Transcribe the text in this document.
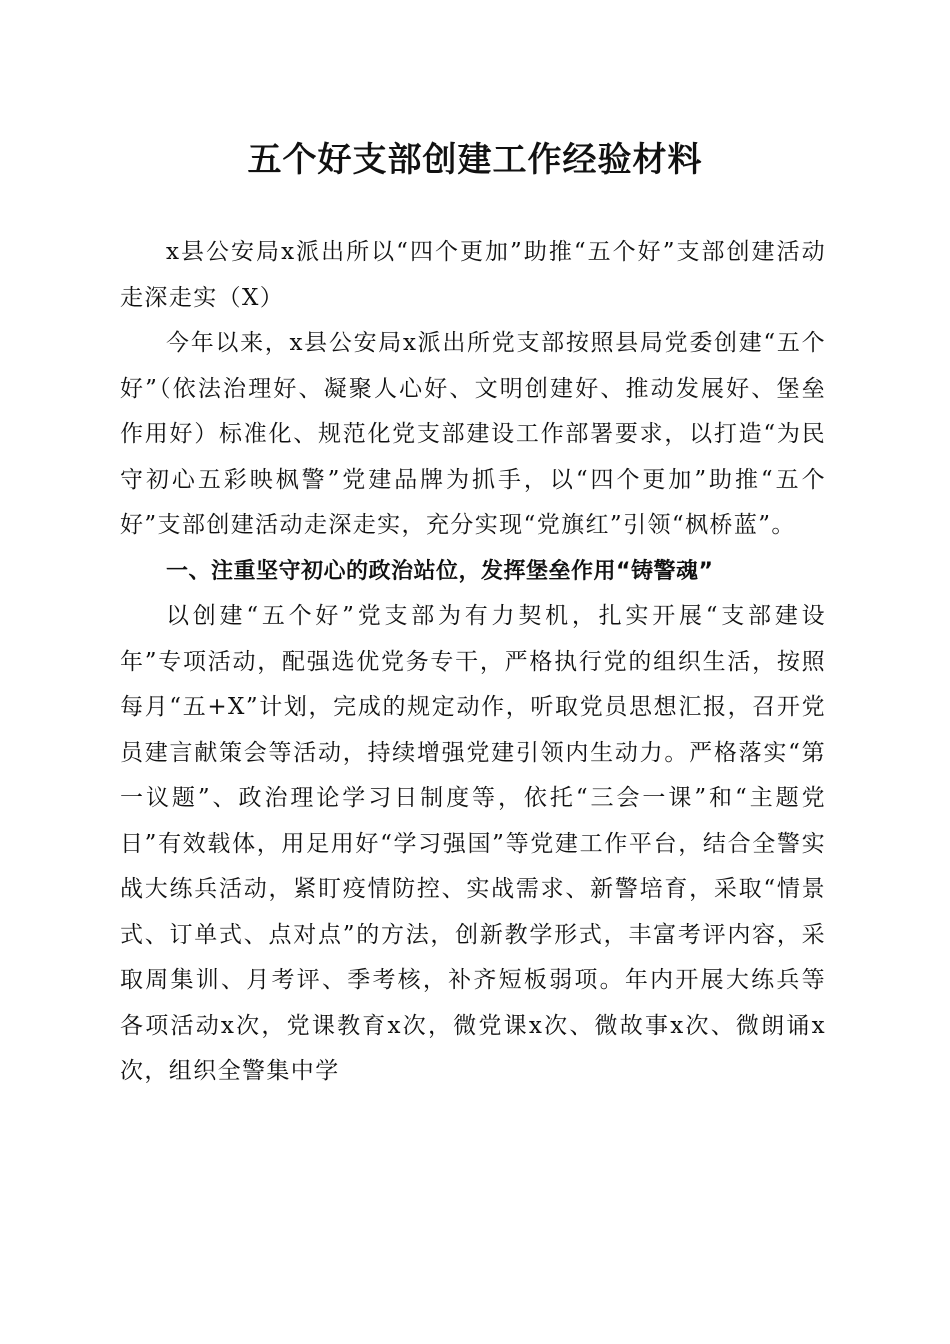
五个好支部创建工作经验材料

x县公安局x派出所以“四个更加”助推“五个好”支部创建活动走深走实（X）

今年以来，x县公安局x派出所党支部按照县局党委创建“五个好”（依法治理好、凝聚人心好、文明创建好、推动发展好、堡垒作用好）标准化、规范化党支部建设工作部署要求，以打造“为民守初心五彩映枫警”党建品牌为抓手，以“四个更加”助推“五个好”支部创建活动走深走实，充分实现“党旗红”引领“枫桥蓝”。

一、注重坚守初心的政治站位，发挥堡垒作用“铸警魂”

以创建“五个好”党支部为有力契机，扎实开展“支部建设年”专项活动，配强选优党务专干，严格执行党的组织生活，按照每月“五+X”计划，完成的规定动作，听取党员思想汇报，召开党员建言献策会等活动，持续增强党建引领内生动力。严格落实“第一议题”、政治理论学习日制度等，依托“三会一课”和“主题党日”有效载体，用足用好“学习强国”等党建工作平台，结合全警实战大练兵活动，紧盯疫情防控、实战需求、新警培育，采取“情景式、订单式、点对点”的方法，创新教学形式，丰富考评内容，采取周集训、月考评、季考核，补齐短板弱项。年内开展大练兵等各项活动x次，党课教育x次，微党课x次、微故事x次、微朗诵x次，组织全警集中学
